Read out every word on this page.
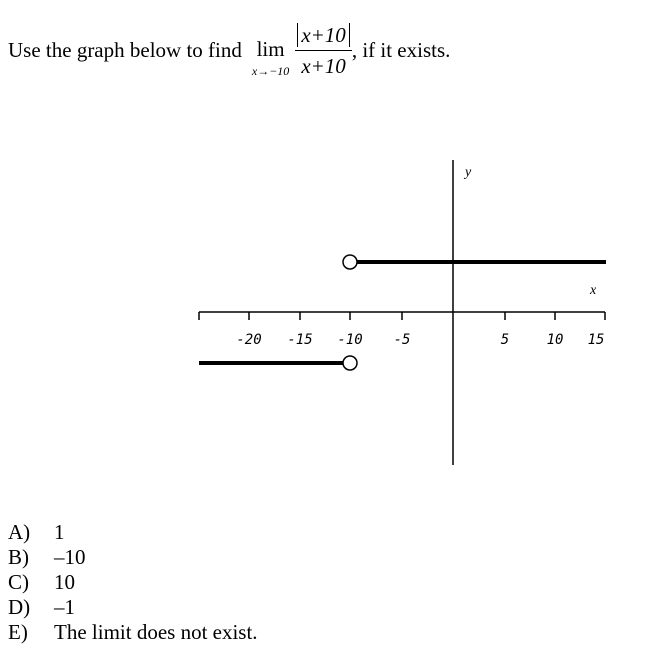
Use the graph below to find lim
$x\to-10 \frac{x+10}{x+10}$ , if it exists.
-20 -15 -10 -5	5	10 15
y
x
A)	1
B)	–10
C)	10
D)	–1
E)	The limit does not exist.
